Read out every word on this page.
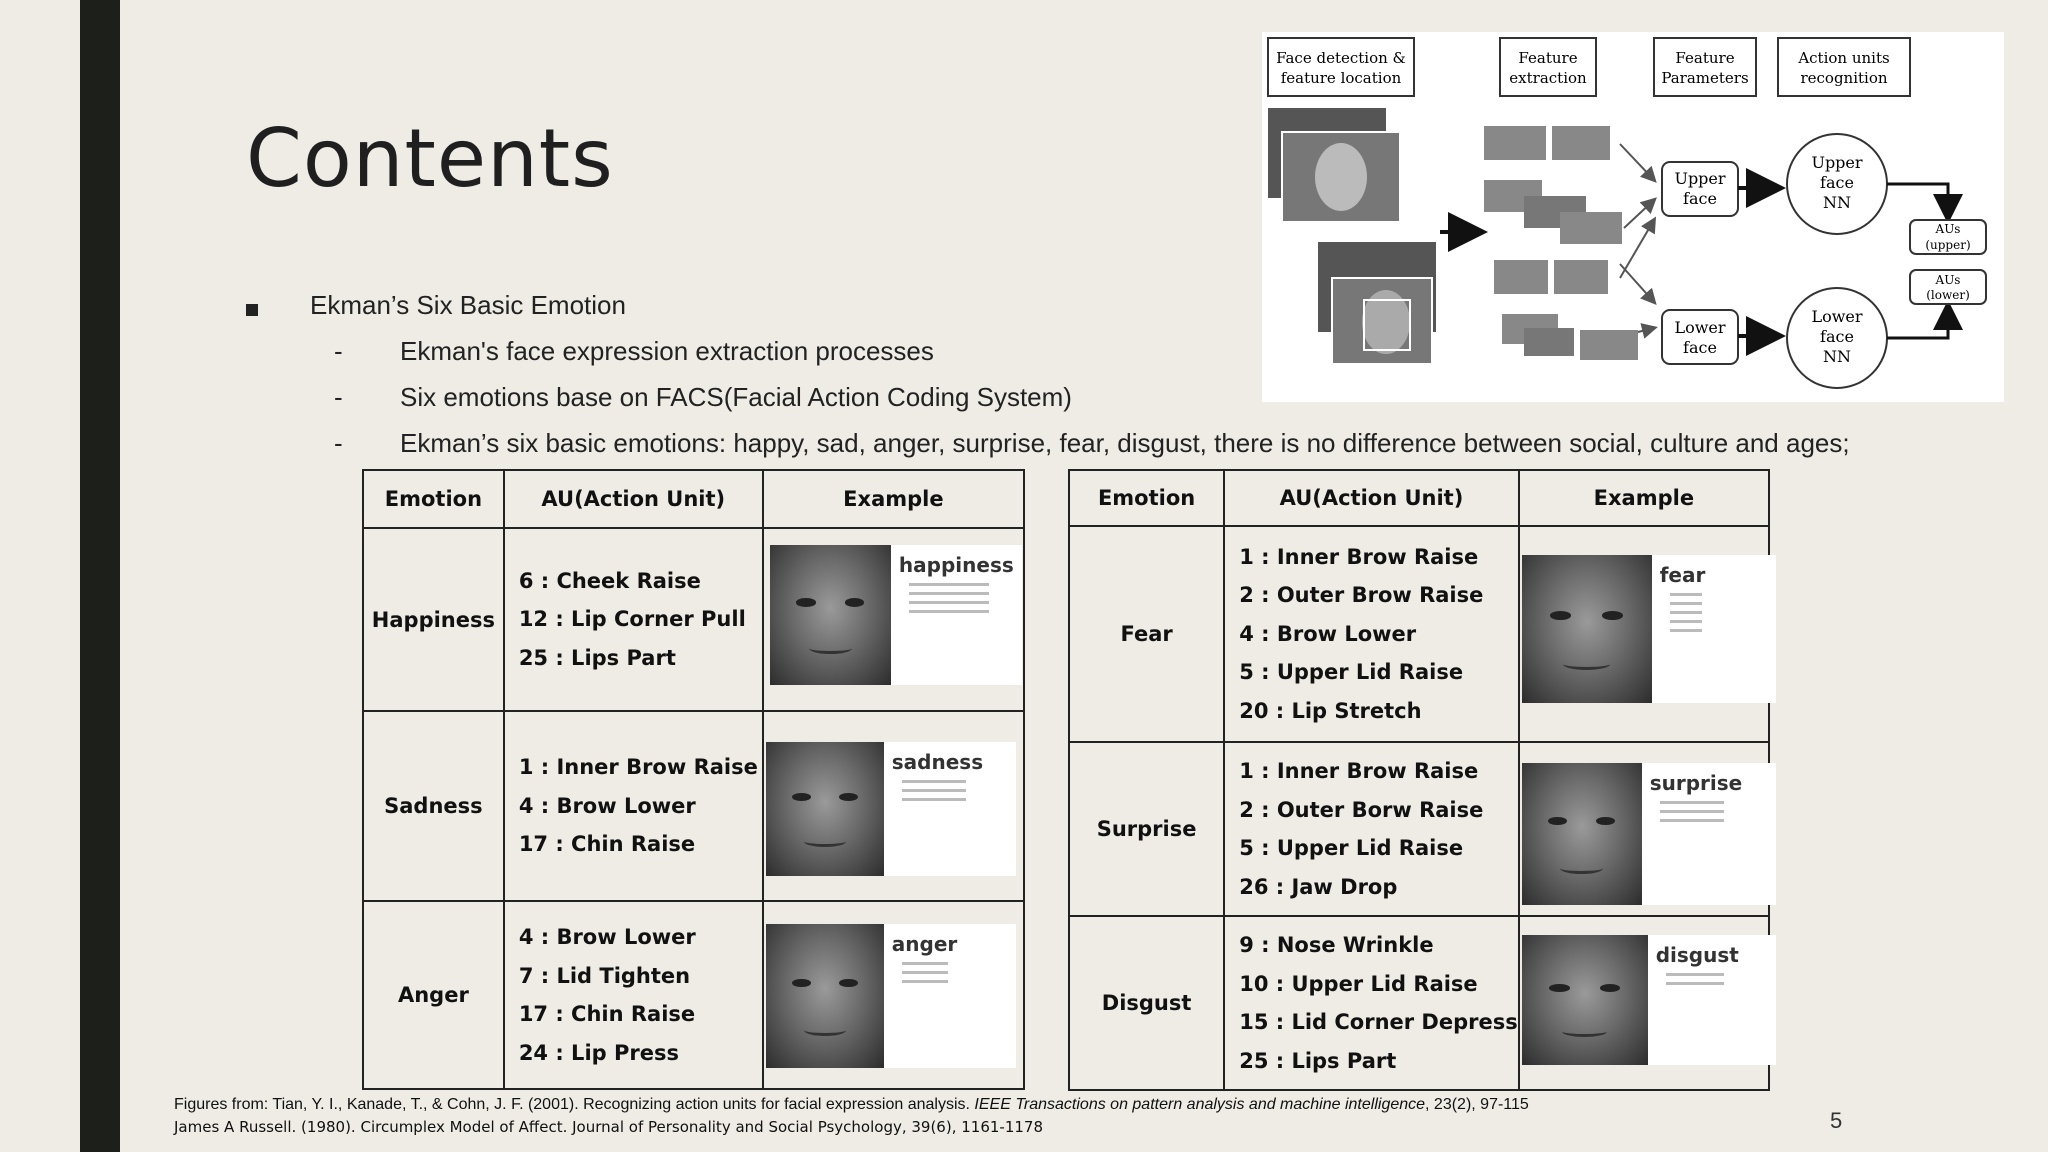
Contents
Ekman’s Six Basic Emotion
- Ekman's face expression extraction processes
- Six emotions base on FACS(Facial Action Coding System)
- Ekman’s six basic emotions: happy, sad, anger, surprise, fear, disgust, there is no difference between social, culture and ages;
Face detection &
feature location
Feature
extraction
Feature
Parameters
Action units
recognition
Upper
face
Lower
face
Upper
face
NN
Lower
face
NN
AUs
(upper)
AUs
(lower)
Emotion	AU(Action Unit)	Example
Happiness	6 : Cheek Raise
12 : Lip Corner Pull
25 : Lips Part	happiness

Sadness	1 : Inner Brow Raise
4 : Brow Lower
17 : Chin Raise	sadness

Anger	4 : Brow Lower
7 : Lid Tighten
17 : Chin Raise
24 : Lip Press	anger
Emotion	AU(Action Unit)	Example
Fear	1 : Inner Brow Raise
2 : Outer Brow Raise
4 : Brow Lower
5 : Upper Lid Raise
20 : Lip Stretch	fear

Surprise	1 : Inner Brow Raise
2 : Outer Borw Raise
5 : Upper Lid Raise
26 : Jaw Drop	surprise

Disgust	9 : Nose Wrinkle
10 : Upper Lid Raise
15 : Lid Corner Depress
25 : Lips Part	disgust
Figures from: Tian, Y. I., Kanade, T., & Cohn, J. F. (2001). Recognizing action units for facial expression analysis. IEEE Transactions on pattern analysis and machine intelligence, 23(2), 97-115
James A Russell. (1980). Circumplex Model of Affect. Journal of Personality and Social Psychology, 39(6), 1161-1178	5
